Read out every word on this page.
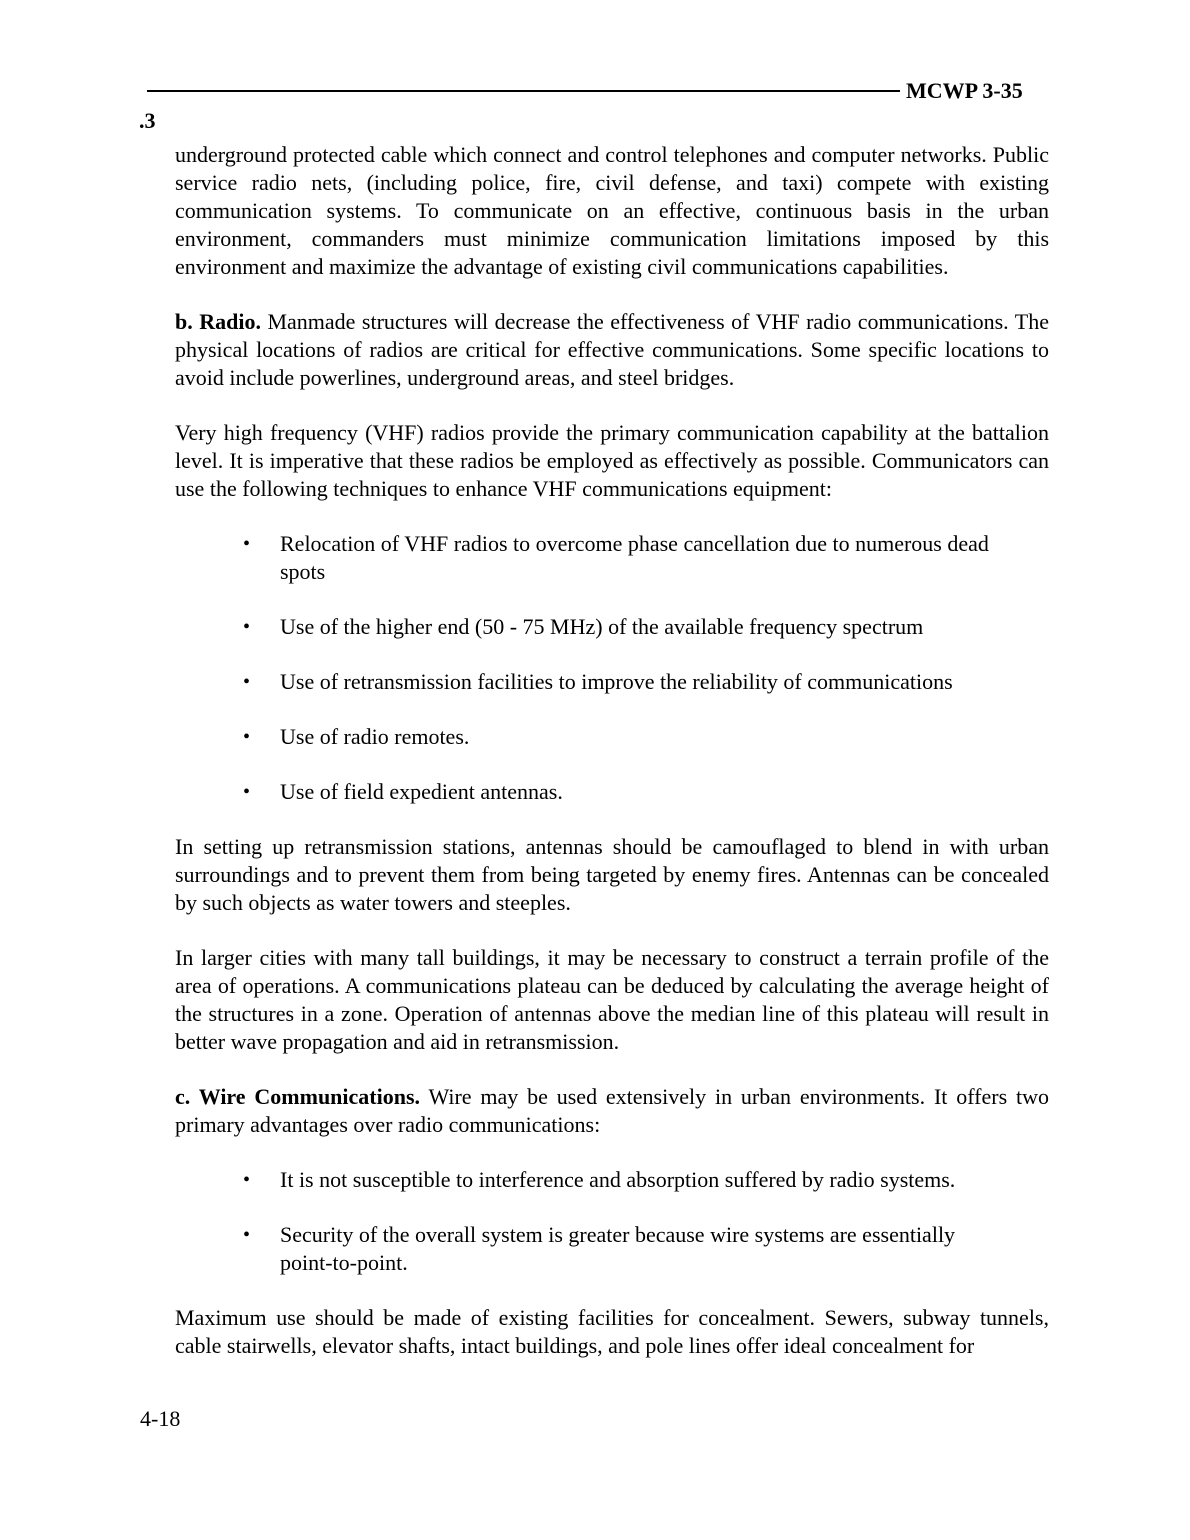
MCWP 3-35
.3

underground protected cable which connect and control telephones and computer networks. Public service radio nets, (including police, fire, civil defense, and taxi) compete with existing communication systems. To communicate on an effective, continuous basis in the urban environment, commanders must minimize communication limitations imposed by this environment and maximize the advantage of existing civil communications capabilities.

b. Radio. Manmade structures will decrease the effectiveness of VHF radio communications. The physical locations of radios are critical for effective communications. Some specific locations to avoid include powerlines, underground areas, and steel bridges.

Very high frequency (VHF) radios provide the primary communication capability at the battalion level. It is imperative that these radios be employed as effectively as possible. Communicators can use the following techniques to enhance VHF communications equipment:

• Relocation of VHF radios to overcome phase cancellation due to numerous dead spots
• Use of the higher end (50 - 75 MHz) of the available frequency spectrum
• Use of retransmission facilities to improve the reliability of communications
• Use of radio remotes.
• Use of field expedient antennas.

In setting up retransmission stations, antennas should be camouflaged to blend in with urban surroundings and to prevent them from being targeted by enemy fires. Antennas can be concealed by such objects as water towers and steeples.

In larger cities with many tall buildings, it may be necessary to construct a terrain profile of the area of operations. A communications plateau can be deduced by calculating the average height of the structures in a zone. Operation of antennas above the median line of this plateau will result in better wave propagation and aid in retransmission.

c. Wire Communications. Wire may be used extensively in urban environments. It offers two primary advantages over radio communications:

• It is not susceptible to interference and absorption suffered by radio systems.
• Security of the overall system is greater because wire systems are essentially point-to-point.

Maximum use should be made of existing facilities for concealment. Sewers, subway tunnels, cable stairwells, elevator shafts, intact buildings, and pole lines offer ideal concealment for

4-18
